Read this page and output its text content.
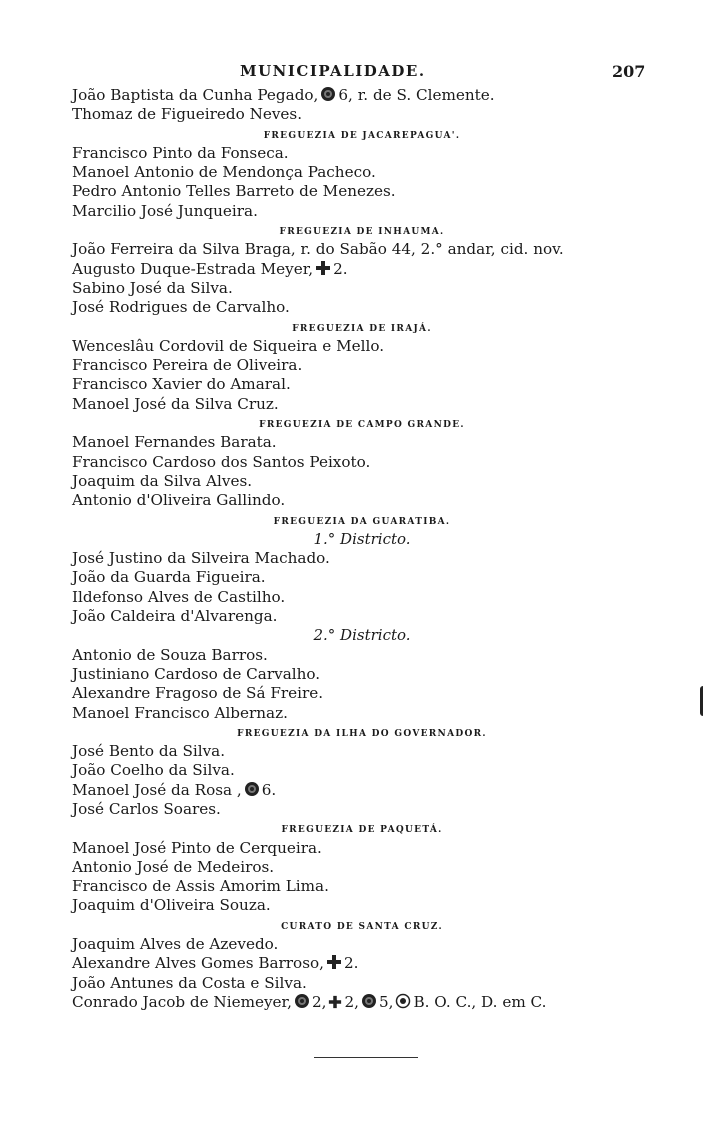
MUNICIPALIDADE.	207
João Baptista da Cunha Pegado, 6, r. de S. Clemente.
Thomaz de Figueiredo Neves.
FREGUEZIA DE JACAREPAGUA'.
Francisco Pinto da Fonseca.
Manoel Antonio de Mendonça Pacheco.
Pedro Antonio Telles Barreto de Menezes.
Marcilio José Junqueira.
FREGUEZIA DE INHAUMA.
João Ferreira da Silva Braga, r. do Sabão 44, 2.° andar, cid. nov.
Augusto Duque-Estrada Meyer, 2.
Sabino José da Silva.
José Rodrigues de Carvalho.
FREGUEZIA DE IRAJÁ.
Wenceslâu Cordovil de Siqueira e Mello.
Francisco Pereira de Oliveira.
Francisco Xavier do Amaral.
Manoel José da Silva Cruz.
FREGUEZIA DE CAMPO GRANDE.
Manoel Fernandes Barata.
Francisco Cardoso dos Santos Peixoto.
Joaquim da Silva Alves.
Antonio d'Oliveira Gallindo.
FREGUEZIA DA GUARATIBA.
1.° Districto.
José Justino da Silveira Machado.
João da Guarda Figueira.
Ildefonso Alves de Castilho.
João Caldeira d'Alvarenga.
2.° Districto.
Antonio de Souza Barros.
Justiniano Cardoso de Carvalho.
Alexandre Fragoso de Sá Freire.
Manoel Francisco Albernaz.
FREGUEZIA DA ILHA DO GOVERNADOR.
José Bento da Silva.
João Coelho da Silva.
Manoel José da Rosa , 6.
José Carlos Soares.
FREGUEZIA DE PAQUETÁ.
Manoel José Pinto de Cerqueira.
Antonio José de Medeiros.
Francisco de Assis Amorim Lima.
Joaquim d'Oliveira Souza.
CURATO DE SANTA CRUZ.
Joaquim Alves de Azevedo.
Alexandre Alves Gomes Barroso, 2.
João Antunes da Costa e Silva.
Conrado Jacob de Niemeyer, 2, 2, 5, B. O. C., D. em C.
